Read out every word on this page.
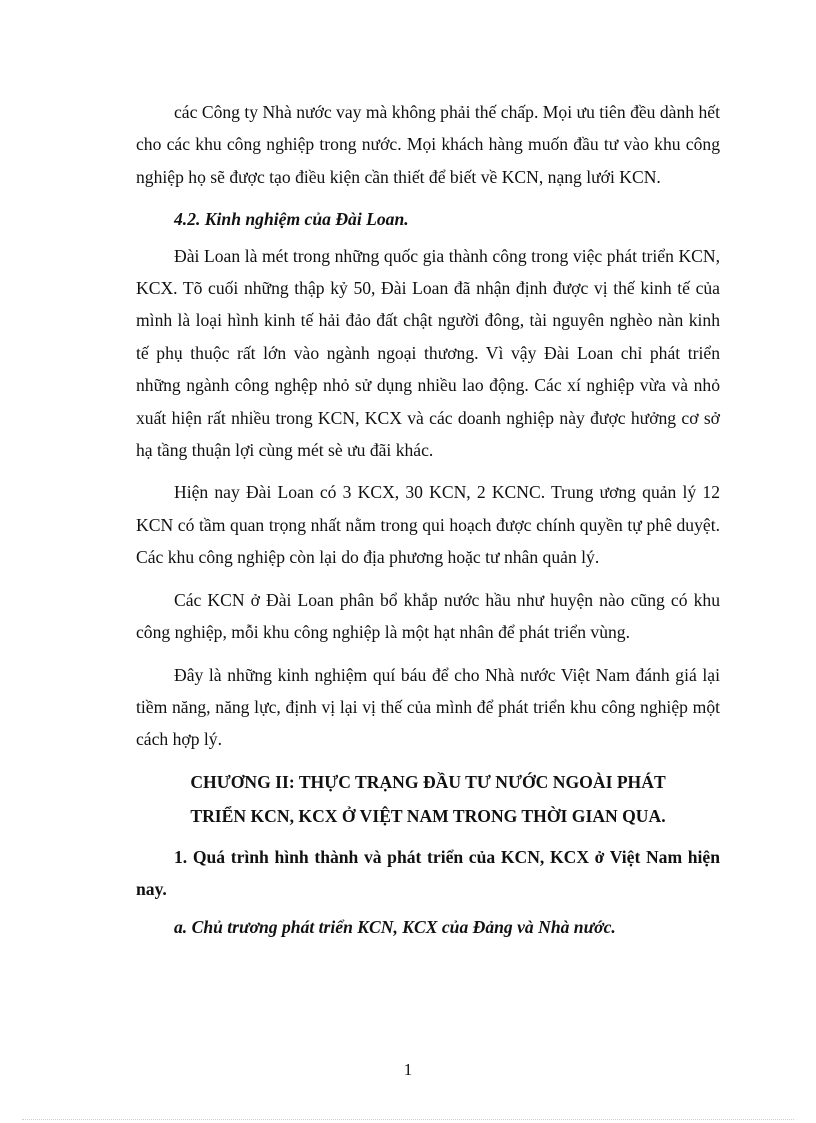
các Công ty Nhà nước vay mà không phải thế chấp. Mọi ưu tiên đều dành hết cho các khu công nghiệp trong nước. Mọi khách hàng muốn đầu tư vào khu công nghiệp họ sẽ được tạo điều kiện cần thiết để biết về KCN, nạng lưới KCN.

4.2. Kinh nghiệm của Đài Loan.

Đài Loan là mét trong những quốc gia thành công trong việc phát triển KCN, KCX. Tõ cuối những thập kỷ 50, Đài Loan đã nhận định được vị thế kinh tế của mình là loại hình kinh tế hải đảo đất chật người đông, tài nguyên nghèo nàn kinh tế phụ thuộc rất lớn vào ngành ngoại thương. Vì vậy Đài Loan chỉ phát triển những ngành công nghệp nhỏ sử dụng nhiều lao động. Các xí nghiệp vừa và nhỏ xuất hiện rất nhiều trong KCN, KCX và các doanh nghiệp này được hưởng cơ sở hạ tầng thuận lợi cùng mét sè ưu đãi khác.

Hiện nay Đài Loan có 3 KCX, 30 KCN, 2 KCNC. Trung ương quản lý 12 KCN có tầm quan trọng nhất nằm trong qui hoạch được chính quyền tự phê duyệt. Các khu công nghiệp còn lại do địa phương hoặc tư nhân quản lý.

Các KCN ở Đài Loan phân bổ khắp nước hầu như huyện nào cũng có khu công nghiệp, mỗi khu công nghiệp là một hạt nhân để phát triển vùng.

Đây là những kinh nghiệm quí báu để cho Nhà nước Việt Nam đánh giá lại tiềm năng, năng lực, định vị lại vị thế của mình để phát triển khu công nghiệp một cách hợp lý.

CHƯƠNG II: THỰC TRẠNG ĐẦU TƯ NƯỚC NGOÀI PHÁT

TRIỂN KCN, KCX Ở VIỆT NAM TRONG THỜI GIAN QUA.

1. Quá trình hình thành và phát triển của KCN, KCX ở Việt Nam hiện nay.

a. Chủ trương phát triển KCN, KCX của Đảng và Nhà nước.

1
